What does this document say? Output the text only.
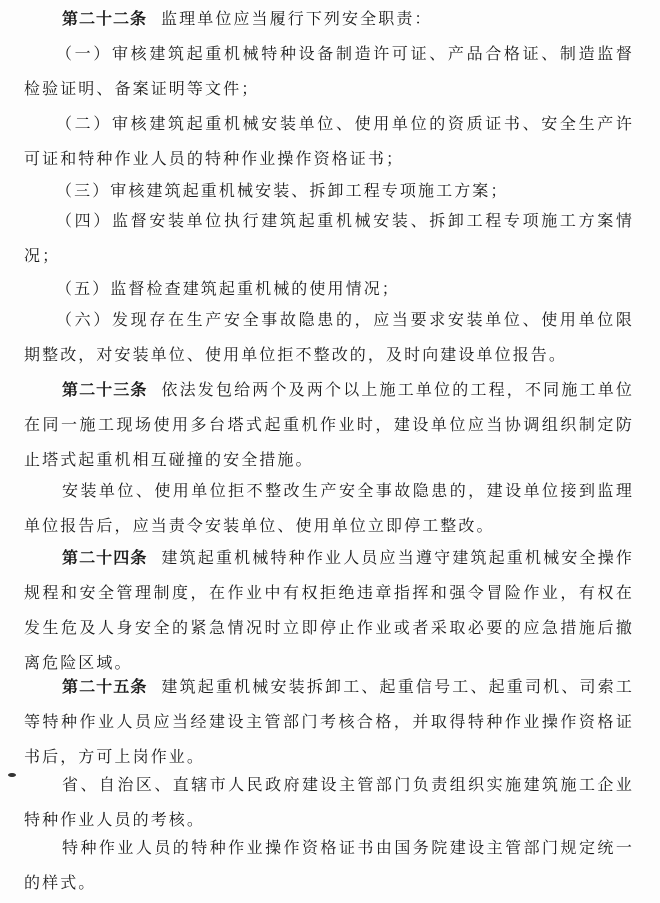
第二十二条 监理单位应当履行下列安全职责：

（一）审核建筑起重机械特种设备制造许可证、产品合格证、制造监督检验证明、备案证明等文件；

（二）审核建筑起重机械安装单位、使用单位的资质证书、安全生产许可证和特种作业人员的特种作业操作资格证书；

（三）审核建筑起重机械安装、拆卸工程专项施工方案；

（四）监督安装单位执行建筑起重机械安装、拆卸工程专项施工方案情况；

（五）监督检查建筑起重机械的使用情况；

（六）发现存在生产安全事故隐患的，应当要求安装单位、使用单位限期整改，对安装单位、使用单位拒不整改的，及时向建设单位报告。

第二十三条 依法发包给两个及两个以上施工单位的工程，不同施工单位在同一施工现场使用多台塔式起重机作业时，建设单位应当协调组织制定防止塔式起重机相互碰撞的安全措施。

安装单位、使用单位拒不整改生产安全事故隐患的，建设单位接到监理单位报告后，应当责令安装单位、使用单位立即停工整改。

第二十四条 建筑起重机械特种作业人员应当遵守建筑起重机械安全操作规程和安全管理制度，在作业中有权拒绝违章指挥和强令冒险作业，有权在发生危及人身安全的紧急情况时立即停止作业或者采取必要的应急措施后撤离危险区域。

第二十五条 建筑起重机械安装拆卸工、起重信号工、起重司机、司索工等特种作业人员应当经建设主管部门考核合格，并取得特种作业操作资格证书后，方可上岗作业。

省、自治区、直辖市人民政府建设主管部门负责组织实施建筑施工企业特种作业人员的考核。

特种作业人员的特种作业操作资格证书由国务院建设主管部门规定统一的样式。
